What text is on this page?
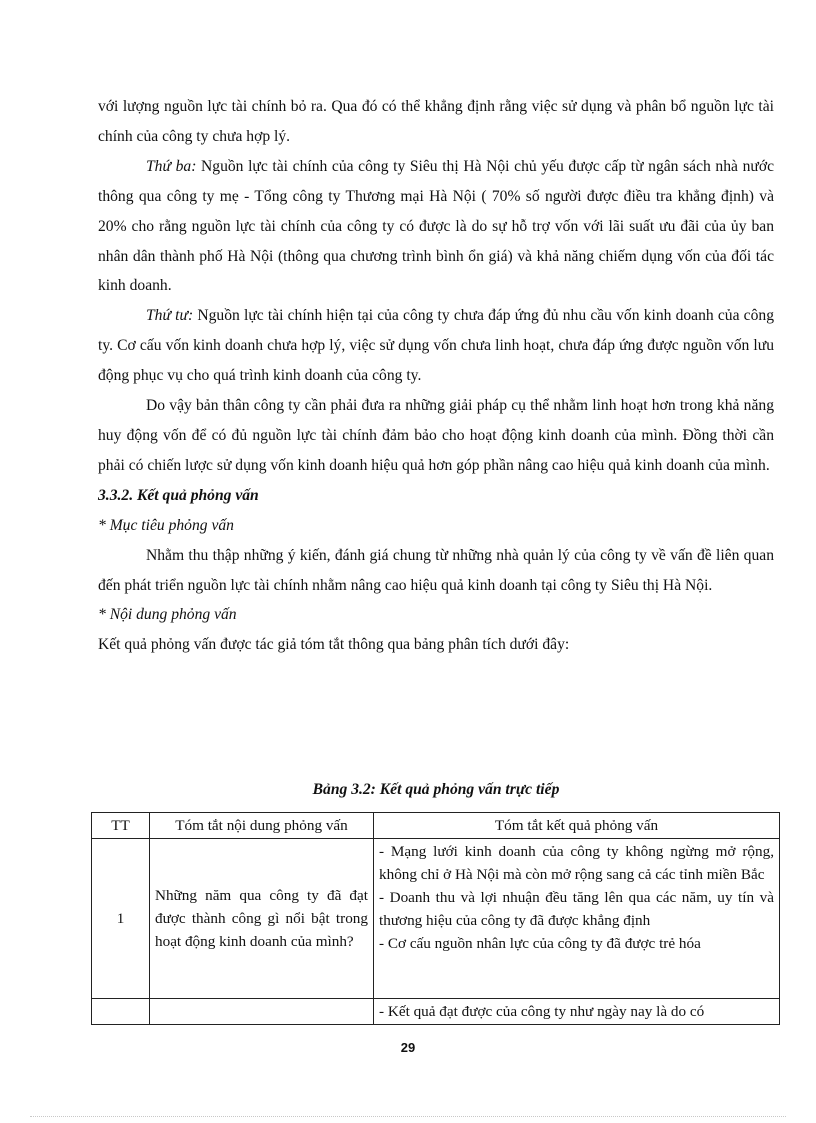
với lượng nguồn lực tài chính bỏ ra. Qua đó có thể khẳng định rằng việc sử dụng và phân bổ nguồn lực tài chính của công ty chưa hợp lý.

Thứ ba: Nguồn lực tài chính của công ty Siêu thị Hà Nội chủ yếu được cấp từ ngân sách nhà nước thông qua công ty mẹ - Tổng công ty Thương mại Hà Nội ( 70% số người được điều tra khẳng định) và 20% cho rằng nguồn lực tài chính của công ty có được là do sự hỗ trợ vốn với lãi suất ưu đãi của ủy ban nhân dân thành phố Hà Nội (thông qua chương trình bình ổn giá) và khả năng chiếm dụng vốn của đối tác kinh doanh.

Thứ tư: Nguồn lực tài chính hiện tại của công ty chưa đáp ứng đủ nhu cầu vốn kinh doanh của công ty. Cơ cấu vốn kinh doanh chưa hợp lý, việc sử dụng vốn chưa linh hoạt, chưa đáp ứng được nguồn vốn lưu động phục vụ cho quá trình kinh doanh của công ty.

Do vậy bản thân công ty cần phải đưa ra những giải pháp cụ thể nhằm linh hoạt hơn trong khả năng huy động vốn để có đủ nguồn lực tài chính đảm bảo cho hoạt động kinh doanh của mình. Đồng thời cần phải có chiến lược sử dụng vốn kinh doanh hiệu quả hơn góp phần nâng cao hiệu quả kinh doanh của mình.

3.3.2. Kết quả phỏng vấn

* Mục tiêu phỏng vấn

Nhằm thu thập những ý kiến, đánh giá chung từ những nhà quản lý của công ty về vấn đề liên quan đến phát triển nguồn lực tài chính nhằm nâng cao hiệu quả kinh doanh tại công ty Siêu thị Hà Nội.

* Nội dung phỏng vấn

Kết quả phỏng vấn được tác giả tóm tắt thông qua bảng phân tích dưới đây:

Bảng 3.2: Kết quả phỏng vấn trực tiếp
TT	Tóm tắt nội dung phỏng vấn	Tóm tắt kết quả phỏng vấn
1	Những năm qua công ty đã đạt được thành công gì nổi bật trong hoạt động kinh doanh của mình?	- Mạng lưới kinh doanh của công ty không ngừng mở rộng, không chỉ ở Hà Nội mà còn mở rộng sang cả các tỉnh miền Bắc
- Doanh thu và lợi nhuận đều tăng lên qua các năm, uy tín và thương hiệu của công ty đã được khẳng định
- Cơ cấu nguồn nhân lực của công ty đã được trẻ hóa

		- Kết quả đạt được của công ty như ngày nay là do có
29
